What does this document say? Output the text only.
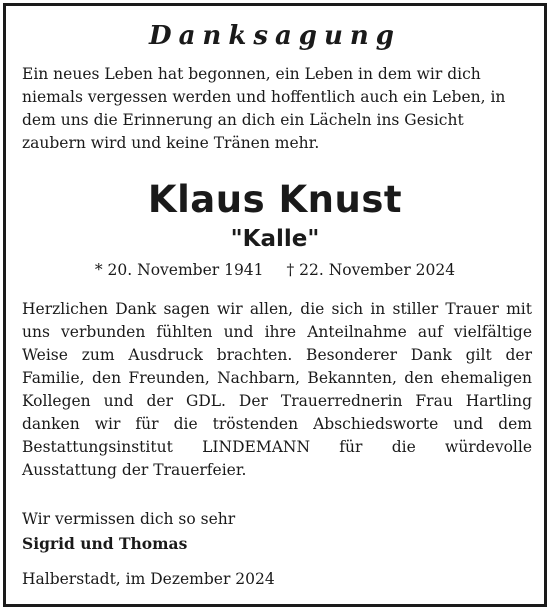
Danksagung

Ein neues Leben hat begonnen, ein Leben in dem wir dich niemals vergessen werden und hoffentlich auch ein Leben, in dem uns die Erinnerung an dich ein Lächeln ins Gesicht zaubern wird und keine Tränen mehr.

Klaus Knust
"Kalle"
* 20. November 1941 † 22. November 2024

Herzlichen Dank sagen wir allen, die sich in stiller Trauer mit uns verbunden fühlten und ihre Anteilnahme auf vielfältige Weise zum Ausdruck brachten. Besonderer Dank gilt der Familie, den Freunden, Nachbarn, Bekannten, den ehemaligen Kollegen und der GDL. Der Trauerrednerin Frau Hartling danken wir für die tröstenden Abschiedsworte und dem Bestattungsinstitut LINDEMANN für die würdevolle Ausstattung der Trauerfeier.

Wir vermissen dich so sehr
Sigrid und Thomas
Halberstadt, im Dezember 2024
